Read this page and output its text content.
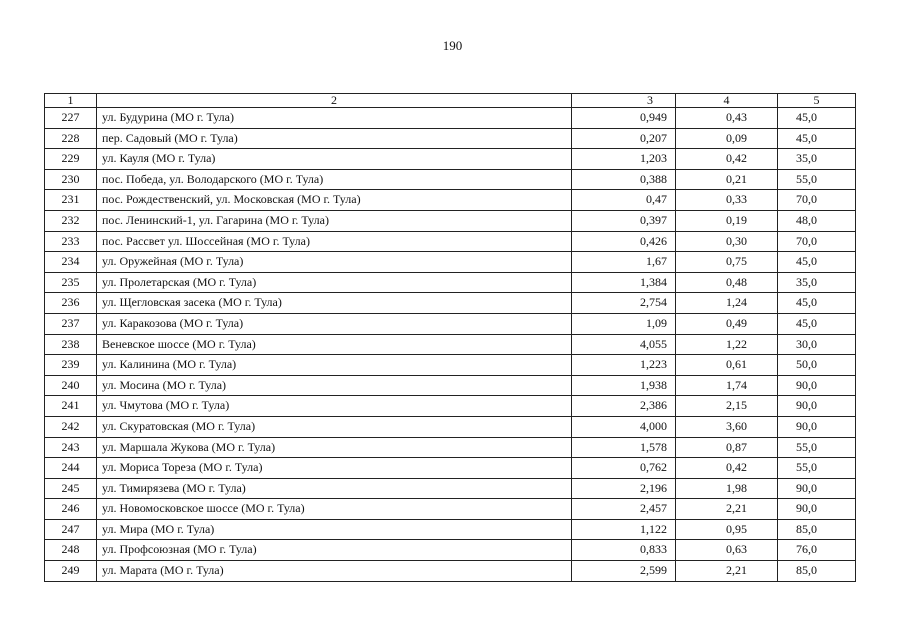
190
1	2	3	4	5
227	ул. Будурина (МО г. Тула)	0,949	0,43	45,0
228	пер. Садовый (МО г. Тула)	0,207	0,09	45,0
229	ул. Кауля (МО г. Тула)	1,203	0,42	35,0
230	пос. Победа, ул. Володарского (МО г. Тула)	0,388	0,21	55,0
231	пос. Рождественский, ул. Московская (МО г. Тула)	0,47	0,33	70,0
232	пос. Ленинский-1, ул. Гагарина (МО г. Тула)	0,397	0,19	48,0
233	пос. Рассвет ул. Шоссейная (МО г. Тула)	0,426	0,30	70,0
234	ул. Оружейная (МО г. Тула)	1,67	0,75	45,0
235	ул. Пролетарская (МО г. Тула)	1,384	0,48	35,0
236	ул. Щегловская засека (МО г. Тула)	2,754	1,24	45,0
237	ул. Каракозова (МО г. Тула)	1,09	0,49	45,0
238	Веневское шоссе (МО г. Тула)	4,055	1,22	30,0
239	ул. Калинина (МО г. Тула)	1,223	0,61	50,0
240	ул. Мосина (МО г. Тула)	1,938	1,74	90,0
241	ул. Чмутова (МО г. Тула)	2,386	2,15	90,0
242	ул. Скуратовская (МО г. Тула)	4,000	3,60	90,0
243	ул. Маршала Жукова (МО г. Тула)	1,578	0,87	55,0
244	ул. Мориса Тореза (МО г. Тула)	0,762	0,42	55,0
245	ул. Тимирязева (МО г. Тула)	2,196	1,98	90,0
246	ул. Новомосковское шоссе (МО г. Тула)	2,457	2,21	90,0
247	ул. Мира (МО г. Тула)	1,122	0,95	85,0
248	ул. Профсоюзная (МО г. Тула)	0,833	0,63	76,0
249	ул. Марата (МО г. Тула)	2,599	2,21	85,0
